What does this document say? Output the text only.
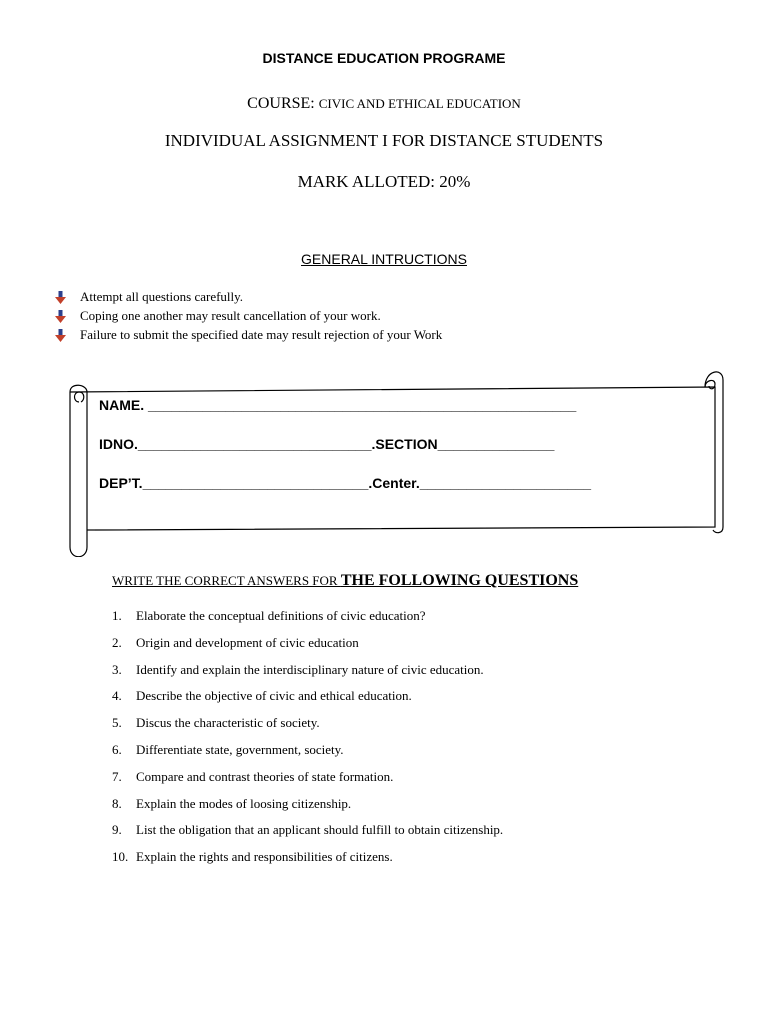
DISTANCE EDUCATION PROGRAME
COURSE: CIVIC AND ETHICAL EDUCATION
INDIVIDUAL ASSIGNMENT I FOR DISTANCE STUDENTS
MARK ALLOTED: 20%
GENERAL INTRUCTIONS
Attempt all questions carefully.
Coping one another may result cancellation of your work.
Failure to submit the specified date may result rejection of your Work
NAME. _______________________________________________________
IDNO.______________________________.SECTION_______________
DEP’T._____________________________.Center.______________________
WRITE THE CORRECT ANSWERS FOR THE FOLLOWING QUESTIONS
1.	Elaborate the conceptual definitions of civic education?
2.	Origin and development of civic education
3.	Identify and explain the interdisciplinary nature of civic education.
4.	Describe the objective of civic and ethical education.
5.	Discus the characteristic of society.
6.	Differentiate state, government, society.
7.	Compare and contrast theories of state formation.
8.	Explain the modes of loosing citizenship.
9.	List the obligation that an applicant should fulfill to obtain citizenship.
10. Explain the rights and responsibilities of citizens.
